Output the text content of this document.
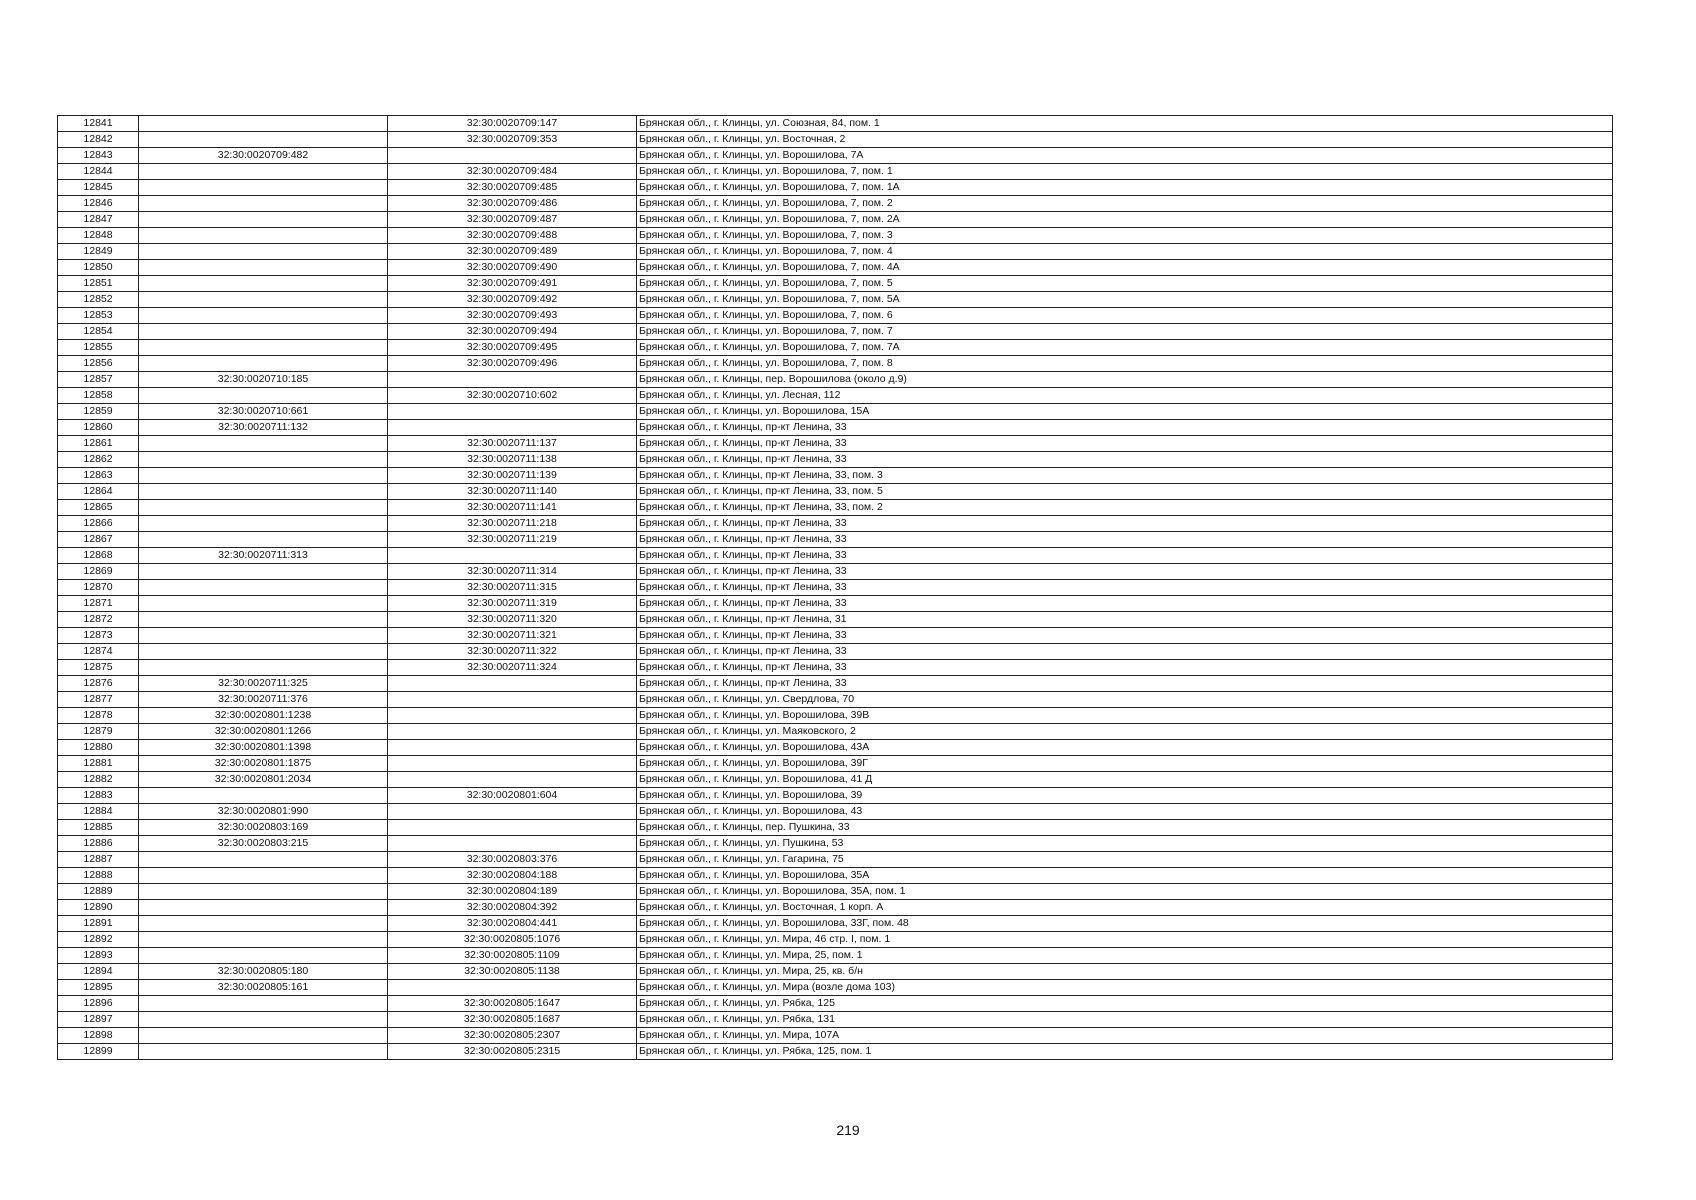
12841		32:30:0020709:147	Брянская обл., г. Клинцы, ул. Союзная, 84, пом. 1
12842		32:30:0020709:353	Брянская обл., г. Клинцы, ул. Восточная, 2
12843	32:30:0020709:482		Брянская обл., г. Клинцы, ул. Ворошилова, 7А
12844		32:30:0020709:484	Брянская обл., г. Клинцы, ул. Ворошилова, 7, пом. 1
12845		32:30:0020709:485	Брянская обл., г. Клинцы, ул. Ворошилова, 7, пом. 1А
12846		32:30:0020709:486	Брянская обл., г. Клинцы, ул. Ворошилова, 7, пом. 2
12847		32:30:0020709:487	Брянская обл., г. Клинцы, ул. Ворошилова, 7, пом. 2А
12848		32:30:0020709:488	Брянская обл., г. Клинцы, ул. Ворошилова, 7, пом. 3
12849		32:30:0020709:489	Брянская обл., г. Клинцы, ул. Ворошилова, 7, пом. 4
12850		32:30:0020709:490	Брянская обл., г. Клинцы, ул. Ворошилова, 7, пом. 4А
12851		32:30:0020709:491	Брянская обл., г. Клинцы, ул. Ворошилова, 7, пом. 5
12852		32:30:0020709:492	Брянская обл., г. Клинцы, ул. Ворошилова, 7, пом. 5А
12853		32:30:0020709:493	Брянская обл., г. Клинцы, ул. Ворошилова, 7, пом. 6
12854		32:30:0020709:494	Брянская обл., г. Клинцы, ул. Ворошилова, 7, пом. 7
12855		32:30:0020709:495	Брянская обл., г. Клинцы, ул. Ворошилова, 7, пом. 7А
12856		32:30:0020709:496	Брянская обл., г. Клинцы, ул. Ворошилова, 7, пом. 8
12857	32:30:0020710:185		Брянская обл., г. Клинцы, пер. Ворошилова (около д.9)
12858		32:30:0020710:602	Брянская обл., г. Клинцы, ул. Лесная, 112
12859	32:30:0020710:661		Брянская обл., г. Клинцы, ул. Ворошилова, 15А
12860	32:30:0020711:132		Брянская обл., г. Клинцы, пр-кт Ленина, 33
12861		32:30:0020711:137	Брянская обл., г. Клинцы, пр-кт Ленина, 33
12862		32:30:0020711:138	Брянская обл., г. Клинцы, пр-кт Ленина, 33
12863		32:30:0020711:139	Брянская обл., г. Клинцы, пр-кт Ленина, 33, пом. 3
12864		32:30:0020711:140	Брянская обл., г. Клинцы, пр-кт Ленина, 33, пом. 5
12865		32:30:0020711:141	Брянская обл., г. Клинцы, пр-кт Ленина, 33, пом. 2
12866		32:30:0020711:218	Брянская обл., г. Клинцы, пр-кт Ленина, 33
12867		32:30:0020711:219	Брянская обл., г. Клинцы, пр-кт Ленина, 33
12868	32:30:0020711:313		Брянская обл., г. Клинцы, пр-кт Ленина, 33
12869		32:30:0020711:314	Брянская обл., г. Клинцы, пр-кт Ленина, 33
12870		32:30:0020711:315	Брянская обл., г. Клинцы, пр-кт Ленина, 33
12871		32:30:0020711:319	Брянская обл., г. Клинцы, пр-кт Ленина, 33
12872		32:30:0020711:320	Брянская обл., г. Клинцы, пр-кт Ленина, 31
12873		32:30:0020711:321	Брянская обл., г. Клинцы, пр-кт Ленина, 33
12874		32:30:0020711:322	Брянская обл., г. Клинцы, пр-кт Ленина, 33
12875		32:30:0020711:324	Брянская обл., г. Клинцы, пр-кт Ленина, 33
12876	32:30:0020711:325		Брянская обл., г. Клинцы, пр-кт Ленина, 33
12877	32:30:0020711:376		Брянская обл., г. Клинцы, ул. Свердлова, 70
12878	32:30:0020801:1238		Брянская обл., г. Клинцы, ул. Ворошилова, 39В
12879	32:30:0020801:1266		Брянская обл., г. Клинцы, ул. Маяковского, 2
12880	32:30:0020801:1398		Брянская обл., г. Клинцы, ул. Ворошилова, 43А
12881	32:30:0020801:1875		Брянская обл., г. Клинцы, ул. Ворошилова, 39Г
12882	32:30:0020801:2034		Брянская обл., г. Клинцы, ул. Ворошилова, 41 Д
12883		32:30:0020801:604	Брянская обл., г. Клинцы, ул. Ворошилова, 39
12884	32:30:0020801:990		Брянская обл., г. Клинцы, ул. Ворошилова, 43
12885	32:30:0020803:169		Брянская обл., г. Клинцы, пер. Пушкина, 33
12886	32:30:0020803:215		Брянская обл., г. Клинцы, ул. Пушкина, 53
12887		32:30:0020803:376	Брянская обл., г. Клинцы, ул. Гагарина, 75
12888		32:30:0020804:188	Брянская обл., г. Клинцы, ул. Ворошилова, 35А
12889		32:30:0020804:189	Брянская обл., г. Клинцы, ул. Ворошилова, 35А, пом. 1
12890		32:30:0020804:392	Брянская обл., г. Клинцы, ул. Восточная, 1 корп. А
12891		32:30:0020804:441	Брянская обл., г. Клинцы, ул. Ворошилова, 33Г, пом. 48
12892		32:30:0020805:1076	Брянская обл., г. Клинцы, ул. Мира, 46 стр. I, пом. 1
12893		32:30:0020805:1109	Брянская обл., г. Клинцы, ул. Мира, 25, пом. 1
12894	32:30:0020805:180	32:30:0020805:1138	Брянская обл., г. Клинцы, ул. Мира, 25, кв. б/н
12895	32:30:0020805:161		Брянская обл., г. Клинцы, ул. Мира (возле дома 103)
12896		32:30:0020805:1647	Брянская обл., г. Клинцы, ул. Рябка, 125
12897		32:30:0020805:1687	Брянская обл., г. Клинцы, ул. Рябка, 131
12898		32:30:0020805:2307	Брянская обл., г. Клинцы, ул. Мира, 107А
12899		32:30:0020805:2315	Брянская обл., г. Клинцы, ул. Рябка, 125, пом. 1
219
